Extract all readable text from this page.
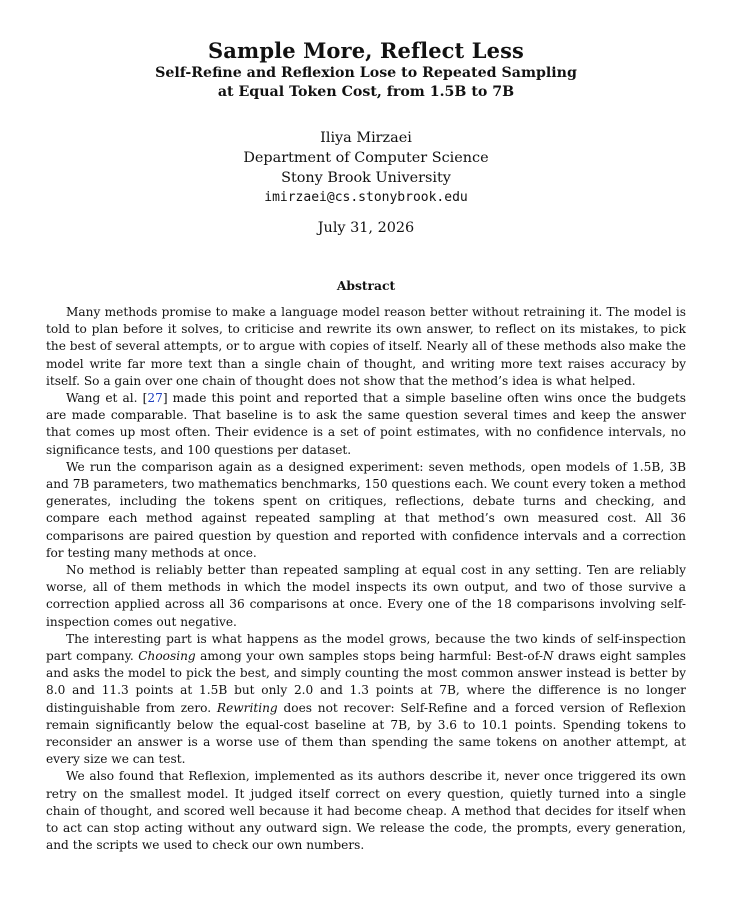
Sample More, Reflect Less
Self-Refine and Reflexion Lose to Repeated Sampling
at Equal Token Cost, from 1.5B to 7B
Iliya Mirzaei
Department of Computer Science
Stony Brook University
imirzaei@cs.stonybrook.edu
July 31, 2026
Abstract

Many methods promise to make a language model reason better without retraining it. The model is told to plan before it solves, to criticise and rewrite its own answer, to reflect on its mistakes, to pick the best of several attempts, or to argue with copies of itself. Nearly all of these methods also make the model write far more text than a single chain of thought, and writing more text raises accuracy by itself. So a gain over one chain of thought does not show that the method’s idea is what helped.

Wang et al. [27] made this point and reported that a simple baseline often wins once the budgets are made comparable. That baseline is to ask the same question several times and keep the answer that comes up most often. Their evidence is a set of point estimates, with no confidence intervals, no significance tests, and 100 questions per dataset.

We run the comparison again as a designed experiment: seven methods, open models of 1.5B, 3B and 7B parameters, two mathematics benchmarks, 150 questions each. We count every token a method generates, including the tokens spent on critiques, reflections, debate turns and checking, and compare each method against repeated sampling at that method’s own measured cost. All 36 comparisons are paired question by question and reported with confidence intervals and a correction for testing many methods at once.

No method is reliably better than repeated sampling at equal cost in any setting. Ten are reliably worse, all of them methods in which the model inspects its own output, and two of those survive a correction applied across all 36 comparisons at once. Every one of the 18 comparisons involving self-inspection comes out negative.

The interesting part is what happens as the model grows, because the two kinds of self-inspection part company. Choosing among your own samples stops being harmful: Best-of-N draws eight samples and asks the model to pick the best, and simply counting the most common answer instead is better by 8.0 and 11.3 points at 1.5B but only 2.0 and 1.3 points at 7B, where the difference is no longer distinguishable from zero. Rewriting does not recover: Self-Refine and a forced version of Reflexion remain significantly below the equal-cost baseline at 7B, by 3.6 to 10.1 points. Spending tokens to reconsider an answer is a worse use of them than spending the same tokens on another attempt, at every size we can test.

We also found that Reflexion, implemented as its authors describe it, never once triggered its own retry on the smallest model. It judged itself correct on every question, quietly turned into a single chain of thought, and scored well because it had become cheap. A method that decides for itself when to act can stop acting without any outward sign. We release the code, the prompts, every generation, and the scripts we used to check our own numbers.
